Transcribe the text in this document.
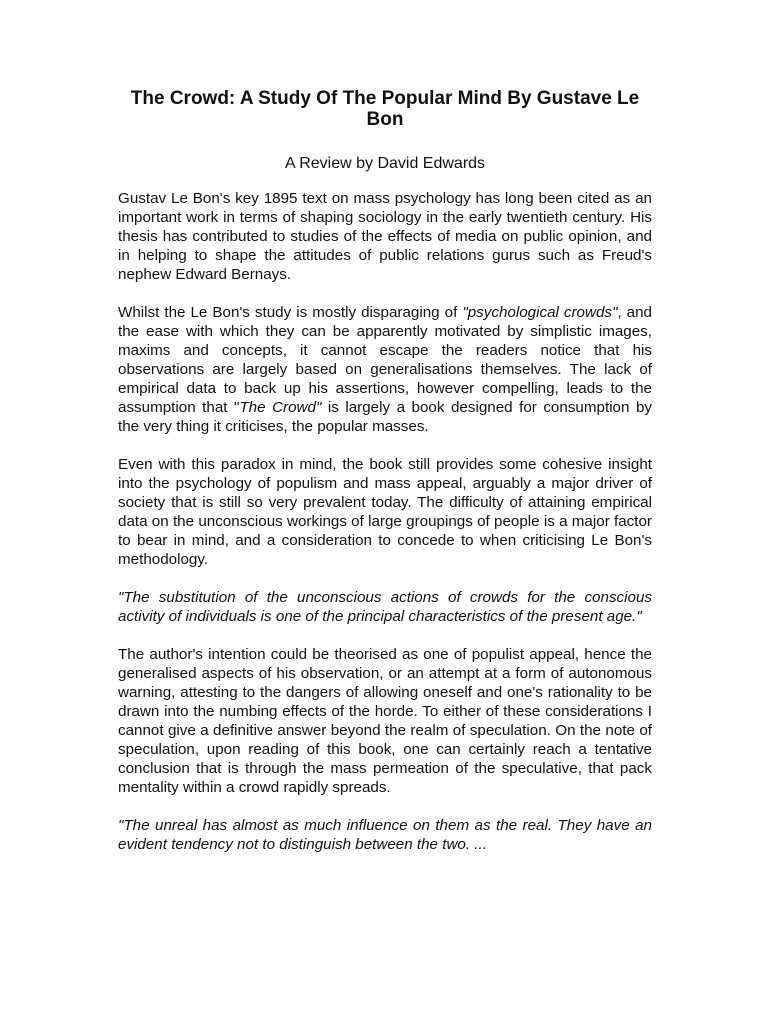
The Crowd: A Study Of The Popular Mind By Gustave Le Bon
A Review by David Edwards

Gustav Le Bon's key 1895 text on mass psychology has long been cited as an important work in terms of shaping sociology in the early twentieth century. His thesis has contributed to studies of the effects of media on public opinion, and in helping to shape the attitudes of public relations gurus such as Freud's nephew Edward Bernays.

Whilst the Le Bon's study is mostly disparaging of "psychological crowds", and the ease with which they can be apparently motivated by simplistic images, maxims and concepts, it cannot escape the readers notice that his observations are largely based on generalisations themselves. The lack of empirical data to back up his assertions, however compelling, leads to the assumption that "The Crowd" is largely a book designed for consumption by the very thing it criticises, the popular masses.

Even with this paradox in mind, the book still provides some cohesive insight into the psychology of populism and mass appeal, arguably a major driver of society that is still so very prevalent today. The difficulty of attaining empirical data on the unconscious workings of large groupings of people is a major factor to bear in mind, and a consideration to concede to when criticising Le Bon's methodology.

"The substitution of the unconscious actions of crowds for the conscious activity of individuals is one of the principal characteristics of the present age."

The author's intention could be theorised as one of populist appeal, hence the generalised aspects of his observation, or an attempt at a form of autonomous warning, attesting to the dangers of allowing oneself and one's rationality to be drawn into the numbing effects of the horde. To either of these considerations I cannot give a definitive answer beyond the realm of speculation. On the note of speculation, upon reading of this book, one can certainly reach a tentative conclusion that is through the mass permeation of the speculative, that pack mentality within a crowd rapidly spreads.

"The unreal has almost as much influence on them as the real. They have an evident tendency not to distinguish between the two. ...
